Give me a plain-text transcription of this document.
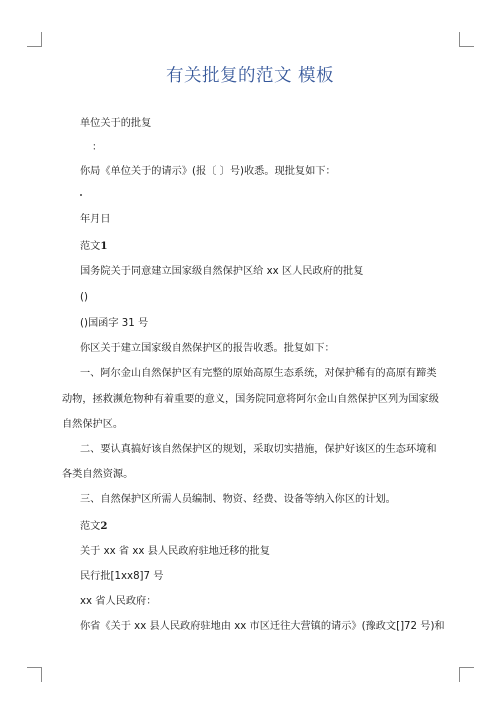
有关批复的范文 模板
单位关于的批复
：
你局《单位关于的请示》(报〔 〕号)收悉。现批复如下：
年月日
范文1
国务院关于同意建立国家级自然保护区给 xx 区人民政府的批复
()
()国函字 31 号
你区关于建立国家级自然保护区的报告收悉。批复如下：
一、阿尔金山自然保护区有完整的原始高原生态系统，对保护稀有的高原有蹄类
动物，拯救濒危物种有着重要的意义，国务院同意将阿尔金山自然保护区列为国家级
自然保护区。
二、要认真搞好该自然保护区的规划，采取切实措施，保护好该区的生态环境和
各类自然资源。
三、自然保护区所需人员编制、物资、经费、设备等纳入你区的计划。
范文2
关于 xx 省 xx 县人民政府驻地迁移的批复
民行批[1xx8]7 号
xx 省人民政府：
你省《关于 xx 县人民政府驻地由 xx 市区迁往大营镇的请示》(豫政文[]72 号)和
